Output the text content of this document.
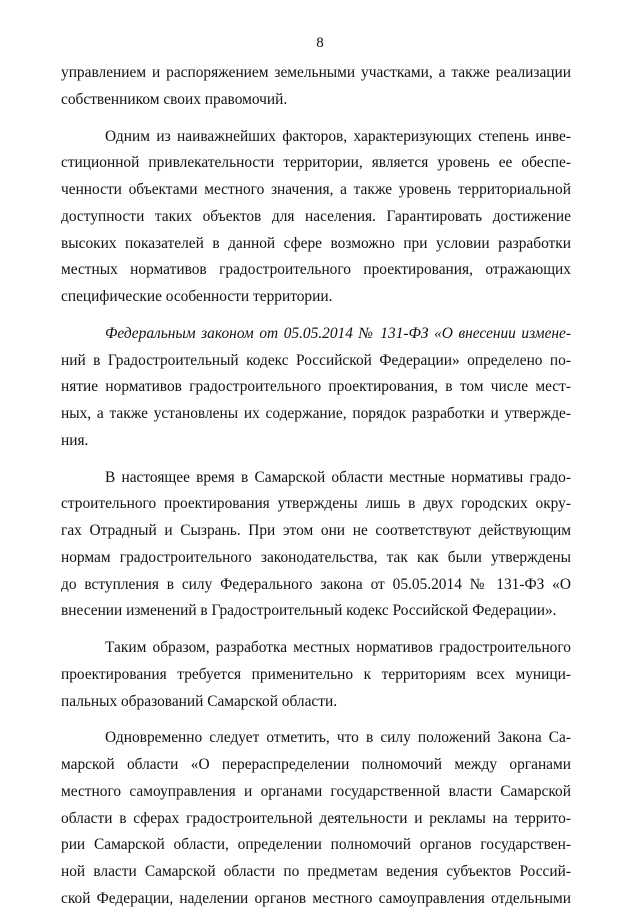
8
управлением и распоряжением земельными участками, а также реализации
собственником своих правомочий.
Одним из наиважнейших факторов, характеризующих степень инве-
стиционной привлекательности территории, является уровень ее обеспе-
ченности объектами местного значения, а также уровень территориальной
доступности таких объектов для населения. Гарантировать достижение
высоких показателей в данной сфере возможно при условии разработки
местных нормативов градостроительного проектирования, отражающих
специфические особенности территории.
Федеральным законом от 05.05.2014 № 131-ФЗ «О внесении измене-
ний в Градостроительный кодекс Российской Федерации» определено по-
нятие нормативов градостроительного проектирования, в том числе мест-
ных, а также установлены их содержание, порядок разработки и утвержде-
ния.
В настоящее время в Самарской области местные нормативы градо-
строительного проектирования утверждены лишь в двух городских окру-
гах Отрадный и Сызрань. При этом они не соответствуют действующим
нормам градостроительного законодательства, так как были утверждены
до вступления в силу Федерального закона от 05.05.2014 № 131-ФЗ «О
внесении изменений в Градостроительный кодекс Российской Федерации».
Таким образом, разработка местных нормативов градостроительного
проектирования требуется применительно к территориям всех муници-
пальных образований Самарской области.
Одновременно следует отметить, что в силу положений Закона Са-
марской области «О перераспределении полномочий между органами
местного самоуправления и органами государственной власти Самарской
области в сферах градостроительной деятельности и рекламы на террито-
рии Самарской области, определении полномочий органов государствен-
ной власти Самарской области по предметам ведения субъектов Россий-
ской Федерации, наделении органов местного самоуправления отдельными
